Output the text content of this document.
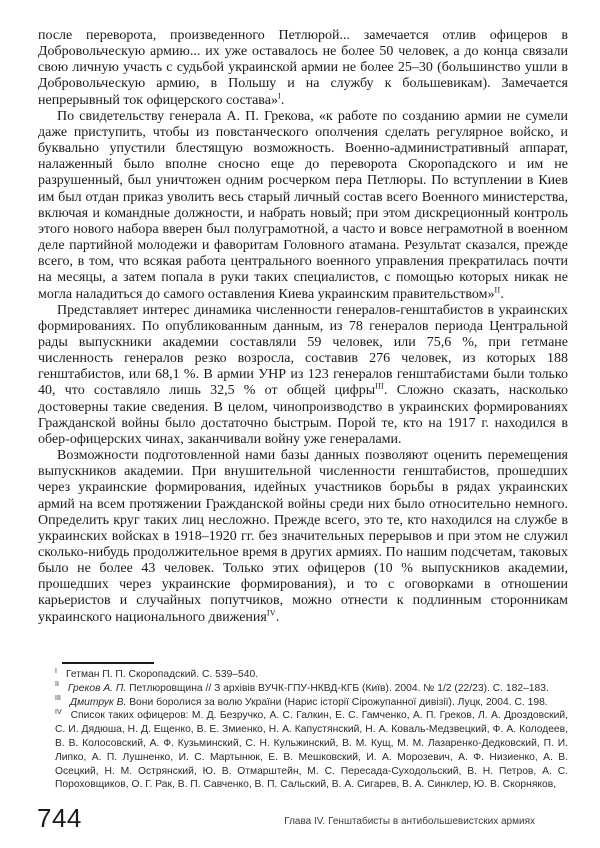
после переворота, произведенного Петлюрой... замечается отлив офицеров в Добровольческую армию... их уже оставалось не более 50 человек, а до конца связали свою личную участь с судьбой украинской армии не более 25–30 (большинство ушли в Добровольческую армию, в Польшу и на службу к большевикам). Замечается непрерывный ток офицерского состава»$^I$.

По свидетельству генерала А. П. Грекова, «к работе по созданию армии не сумели даже приступить, чтобы из повстанческого ополчения сделать регулярное войско, и буквально упустили блестящую возможность. Военно-административный аппарат, налаженный было вполне сносно еще до переворота Скоропадского и им не разрушенный, был уничтожен одним росчерком пера Петлюры. По вступлении в Киев им был отдан приказ уволить весь старый личный состав всего Военного министерства, включая и командные должности, и набрать новый; при этом дискреционный контроль этого нового набора вверен был полуграмотной, а часто и вовсе неграмотной в военном деле партийной молодежи и фаворитам Головного атамана. Результат сказался, прежде всего, в том, что всякая работа центрального военного управления прекратилась почти на месяцы, а затем попала в руки таких специалистов, с помощью которых никак не могла наладиться до самого оставления Киева украинским правительством»$^{II}$.

Представляет интерес динамика численности генералов-генштабистов в украинских формированиях. По опубликованным данным, из 78 генералов периода Центральной рады выпускники академии составляли 59 человек, или 75,6 %, при гетмане численность генералов резко возросла, составив 276 человек, из которых 188 генштабистов, или 68,1 %. В армии УНР из 123 генералов генштабистами были только 40, что составляло лишь 32,5 % от общей цифры$^{III}$. Сложно сказать, насколько достоверны такие сведения. В целом, чинопроизводство в украинских формированиях Гражданской войны было достаточно быстрым. Порой те, кто на 1917 г. находился в обер-офицерских чинах, заканчивали войну уже генералами.

Возможности подготовленной нами базы данных позволяют оценить перемещения выпускников академии. При внушительной численности генштабистов, прошедших через украинские формирования, идейных участников борьбы в рядах украинских армий на всем протяжении Гражданской войны среди них было относительно немного. Определить круг таких лиц несложно. Прежде всего, это те, кто находился на службе в украинских войсках в 1918–1920 гг. без значительных перерывов и при этом не служил сколько-нибудь продолжительное время в других армиях. По нашим подсчетам, таковых было не более 43 человек. Только этих офицеров (10 % выпускников академии, прошедших через украинские формирования), и то с оговорками в отношении карьеристов и случайных попутчиков, можно отнести к подлинным сторонникам украинского национального движения$^{IV}$.

$^I$ Гетман П. П. Скоропадский. С. 539–540.

$^{II}$ Греков А. П. Петлюровщина // З архівів ВУЧК-ГПУ-НКВД-КГБ (Київ). 2004. № 1/2 (22/23). С. 182–183.

$^{III}$ Дмитрук В. Вони боролися за волю України (Нарис історії Сірожупанної дивізії). Луцк, 2004. С. 198.

$^{IV}$ Список таких офицеров: М. Д. Безручко, А. С. Галкин, Е. С. Гамченко, А. П. Греков, Л. А. Дроздовский, С. И. Дядюша, Н. Д. Ещенко, В. Е. Змиенко, Н. А. Капустянский, Н. А. Коваль-Медзвецкий, Ф. А. Колодеев, В. В. Колосовский, А. Ф. Кузьминский, С. Н. Кульжинский, В. М. Кущ, М. М. Лазаренко-Дедковский, П. И. Липко, А. П. Лушненко, И. С. Мартынюк, Е. В. Мешковский, И. А. Морозевич, А. Ф. Низиенко, А. В. Осецкий, Н. М. Острянский, Ю. В. Отмарштейн, М. С. Пересада-Суходольский, В. Н. Петров, А. С. Пороховщиков, О. Г. Рак, В. П. Савченко, В. П. Сальский, В. А. Сигарев, В. А. Синклер, Ю. В. Скорняков,

744	Глава IV. Генштабисты в антибольшевистских армиях
